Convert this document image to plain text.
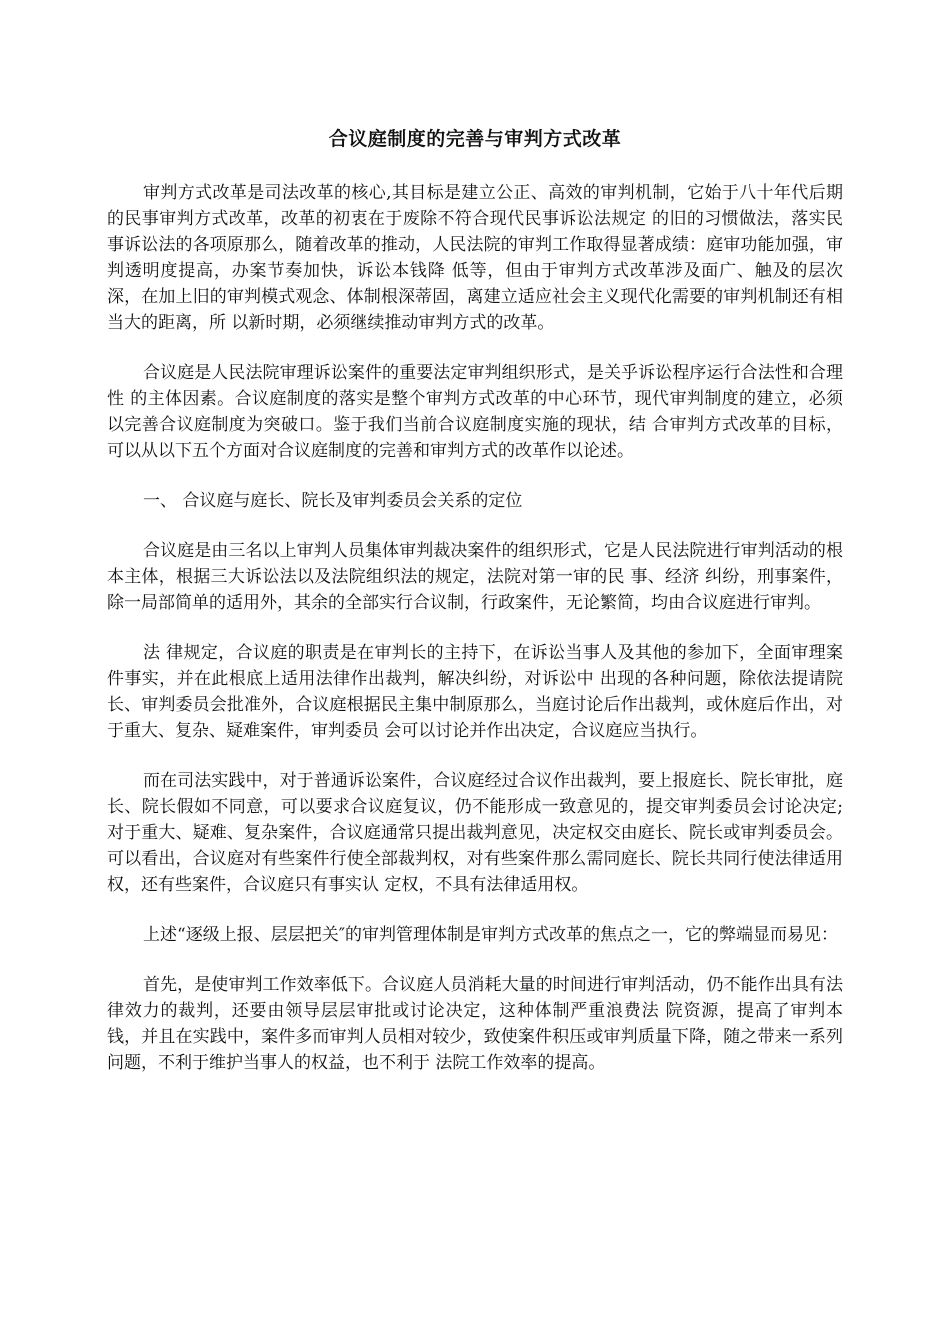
合议庭制度的完善与审判方式改革

审判方式改革是司法改革的核心,其目标是建立公正、高效的审判机制，它始于八十年代后期的民事审判方式改革，改革的初衷在于废除不符合现代民事诉讼法规定 的旧的习惯做法，落实民事诉讼法的各项原那么，随着改革的推动，人民法院的审判工作取得显著成绩：庭审功能加强，审判透明度提高，办案节奏加快，诉讼本钱降 低等，但由于审判方式改革涉及面广、触及的层次深，在加上旧的审判模式观念、体制根深蒂固，离建立适应社会主义现代化需要的审判机制还有相当大的距离，所 以新时期，必须继续推动审判方式的改革。

合议庭是人民法院审理诉讼案件的重要法定审判组织形式，是关乎诉讼程序运行合法性和合理性 的主体因素。合议庭制度的落实是整个审判方式改革的中心环节，现代审判制度的建立，必须以完善合议庭制度为突破口。鉴于我们当前合议庭制度实施的现状，结 合审判方式改革的目标，可以从以下五个方面对合议庭制度的完善和审判方式的改革作以论述。

一、 合议庭与庭长、院长及审判委员会关系的定位

合议庭是由三名以上审判人员集体审判裁决案件的组织形式，它是人民法院进行审判活动的根本主体，根据三大诉讼法以及法院组织法的规定，法院对第一审的民 事、经济 纠纷，刑事案件，除一局部简单的适用外，其余的全部实行合议制，行政案件，无论繁简，均由合议庭进行审判。

法 律规定，合议庭的职责是在审判长的主持下，在诉讼当事人及其他的参加下，全面审理案件事实，并在此根底上适用法律作出裁判，解决纠纷，对诉讼中 出现的各种问题，除依法提请院长、审判委员会批准外，合议庭根据民主集中制原那么，当庭讨论后作出裁判，或休庭后作出，对于重大、复杂、疑难案件，审判委员 会可以讨论并作出决定，合议庭应当执行。

而在司法实践中，对于普通诉讼案件，合议庭经过合议作出裁判，要上报庭长、院长审批，庭 长、院长假如不同意，可以要求合议庭复议，仍不能形成一致意见的，提交审判委员会讨论决定;对于重大、疑难、复杂案件，合议庭通常只提出裁判意见，决定权交由庭长、院长或审判委员会。可以看出，合议庭对有些案件行使全部裁判权，对有些案件那么需同庭长、院长共同行使法律适用权，还有些案件，合议庭只有事实认 定权，不具有法律适用权。

上述“逐级上报、层层把关″的审判管理体制是审判方式改革的焦点之一，它的弊端显而易见：

首先，是使审判工作效率低下。合议庭人员消耗大量的时间进行审判活动，仍不能作出具有法律效力的裁判，还要由领导层层审批或讨论决定，这种体制严重浪费法 院资源，提高了审判本钱，并且在实践中，案件多而审判人员相对较少，致使案件积压或审判质量下降，随之带来一系列问题，不利于维护当事人的权益，也不利于 法院工作效率的提高。
